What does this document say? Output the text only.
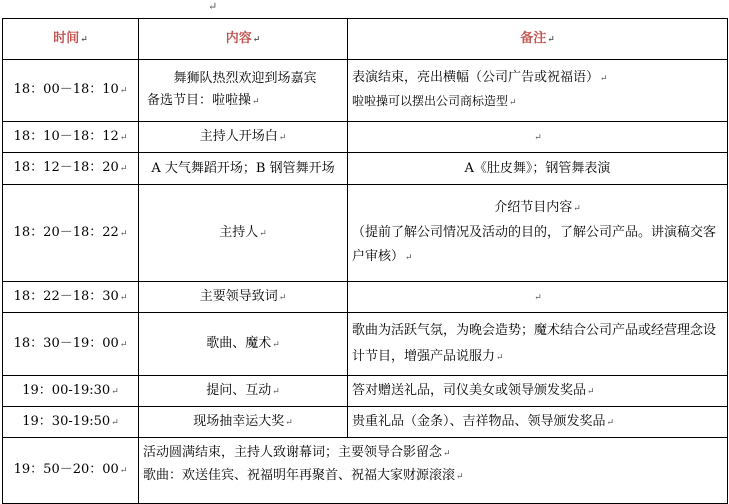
↵
时间↵	内容↵	备注↵
18：00－18：10↵	舞狮队热烈欢迎到场嘉宾
备选节目：啦啦操↵	表演结束，亮出横幅（公司广告或祝福语）↵
啦啦操可以摆出公司商标造型↵

18：10－18：12↵	主持人开场白↵	↵
18：12－18：20↵	A 大气舞蹈开场；B 钢管舞开场	A《肚皮舞》；钢管舞表演
18：20－18：22↵	主持人↵	介绍节目内容↵
（提前了解公司情况及活动的目的，了解公司产品。讲演稿交客户审核）↵

18：22－18：30↵	主要领导致词↵	↵
18：30－19：00↵	歌曲、魔术↵	歌曲为活跃气氛，为晚会造势；魔术结合公司产品或经营理念设计节目，增强产品说服力↵
19：00-19:30↵	提问、互动↵	答对赠送礼品，司仪美女或领导颁发奖品↵
19：30-19:50↵	现场抽幸运大奖↵	贵重礼品（金条）、吉祥物品、领导颁发奖品↵
19：50－20：00↵	活动圆满结束，主持人致谢幕词；主要领导合影留念↵
歌曲：欢送佳宾、祝福明年再聚首、祝福大家财源滚滚↵	
